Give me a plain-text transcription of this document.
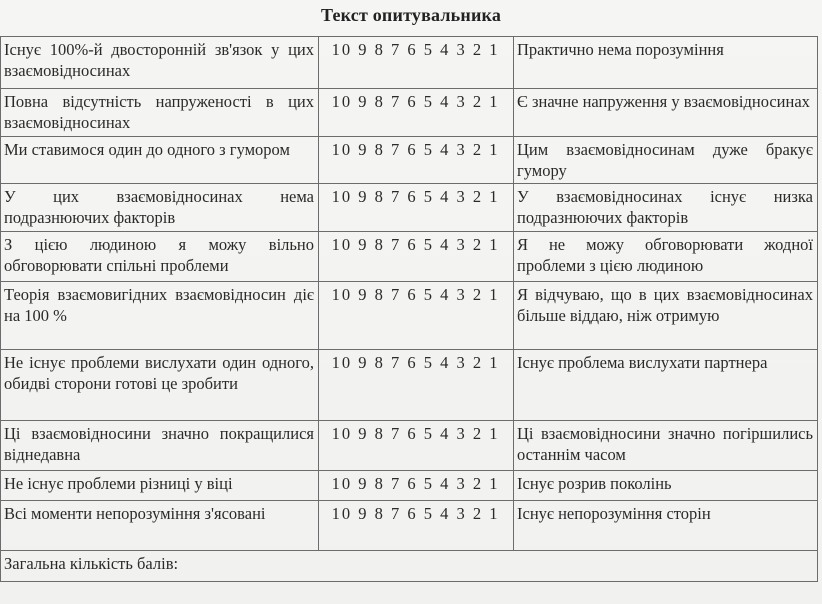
Текст опитувальника
Існує 100%-й двосторонній зв'язок у цих взаємовідносинах	10 9 8 7 6 5 4 3 2 1	Практично нема порозуміння
Повна відсутність напруженості в цих взаємовідносинах	10 9 8 7 6 5 4 3 2 1	Є значне напруження у взаємовідносинах
Ми ставимося один до одного з гумором	10 9 8 7 6 5 4 3 2 1	Цим взаємовідносинам дуже бракує гумору
У цих взаємовідносинах нема подразнюючих факторів	10 9 8 7 6 5 4 3 2 1	У взаємовідносинах існує низка подразнюючих факторів
З цією людиною я можу вільно обговорювати спільні проблеми	10 9 8 7 6 5 4 3 2 1	Я не можу обговорювати жодної проблеми з цією людиною
Теорія взаємовигідних взаємовідносин діє на 100 %	10 9 8 7 6 5 4 3 2 1	Я відчуваю, що в цих взаємовідносинах більше віддаю, ніж отримую
Не існує проблеми вислухати один одного, обидві сторони готові це зробити	10 9 8 7 6 5 4 3 2 1	Існує проблема вислухати партнера
Ці взаємовідносини значно покращилися віднедавна	10 9 8 7 6 5 4 3 2 1	Ці взаємовідносини значно погіршились останнім часом
Не існує проблеми різниці у віці	10 9 8 7 6 5 4 3 2 1	Існує розрив поколінь
Всі моменти непорозуміння з'ясовані	10 9 8 7 6 5 4 3 2 1	Існує непорозуміння сторін
Загальна кількість балів:		
